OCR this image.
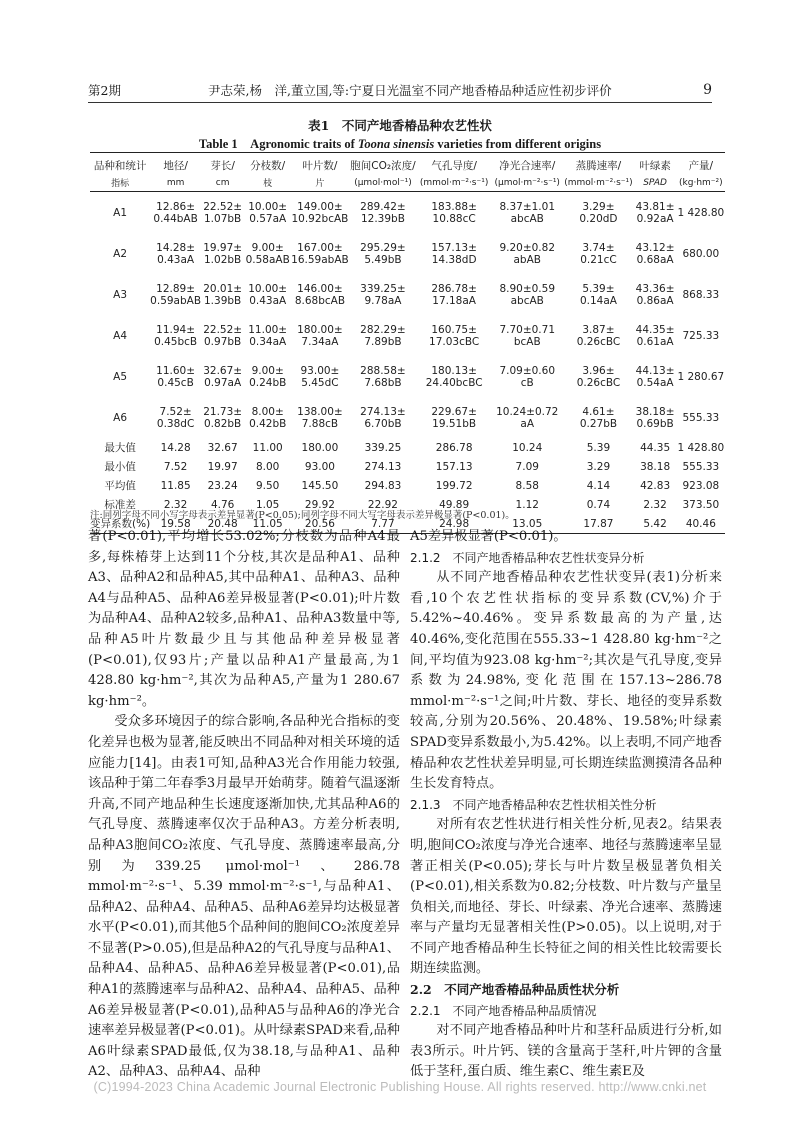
第2期	尹志荣,杨　洋,董立国,等:宁夏日光温室不同产地香椿品种适应性初步评价	9
表1　不同产地香椿品种农艺性状
Table 1　Agronomic traits of Toona sinensis varieties from different origins
品种和统计	地径/	芽长/	分枝数/	叶片数/	胞间CO₂浓度/	气孔导度/	净光合速率/	蒸腾速率/	叶绿素	产量/
指标	mm	cm	枝	片	(μmol·mol⁻¹)	(mmol·m⁻²·s⁻¹)	(μmol·m⁻²·s⁻¹)	(mmol·m⁻²·s⁻¹)	SPAD	(kg·hm⁻²)
A1	12.86±	22.52±	10.00±	149.00±	289.42±	183.88±	8.37±1.01	3.29±	43.81±	1 428.80
	0.44bAB	1.07bB	0.57aA	10.92bcAB	12.39bB	10.88cC	abcAB	0.20dD	0.92aA	
A2	14.28±	19.97±	9.00±	167.00±	295.29±	157.13±	9.20±0.82	3.74±	43.12±	680.00
	0.43aA	1.02bB	0.58aAB	16.59abAB	5.49bB	14.38dD	abAB	0.21cC	0.68aA	
A3	12.89±	20.01±	10.00±	146.00±	339.25±	286.78±	8.90±0.59	5.39±	43.36±	868.33
	0.59abAB	1.39bB	0.43aA	8.68bcAB	9.78aA	17.18aA	abcAB	0.14aA	0.86aA	
A4	11.94±	22.52±	11.00±	180.00±	282.29±	160.75±	7.70±0.71	3.87±	44.35±	725.33
	0.45bcB	0.97bB	0.34aA	7.34aA	7.89bB	17.03cBC	bcAB	0.26cBC	0.61aA	
A5	11.60±	32.67±	9.00±	93.00±	288.58±	180.13±	7.09±0.60	3.96±	44.13±	1 280.67
	0.45cB	0.97aA	0.24bB	5.45dC	7.68bB	24.40bcBC	cB	0.26cBC	0.54aA	
A6	7.52±	21.73±	8.00±	138.00±	274.13±	229.67±	10.24±0.72	4.61±	38.18±	555.33
	0.38dC	0.82bB	0.42bB	7.88cB	6.70bB	19.51bB	aA	0.27bB	0.69bB	
最大值	14.28	32.67	11.00	180.00	339.25	286.78	10.24	5.39	44.35	1 428.80
最小值	7.52	19.97	8.00	93.00	274.13	157.13	7.09	3.29	38.18	555.33
平均值	11.85	23.24	9.50	145.50	294.83	199.72	8.58	4.14	42.83	923.08
标准差	2.32	4.76	1.05	29.92	22.92	49.89	1.12	0.74	2.32	373.50
变异系数(%)	19.58	20.48	11.05	20.56	7.77	24.98	13.05	17.87	5.42	40.46
注:同列字母不同小写字母表示差异显著(P<0.05);同列字母不同大写字母表示差异极显著(P<0.01)。

著(P<0.01),平均增长53.02%;分枝数为品种A4最多,每株椿芽上达到11个分枝,其次是品种A1、品种A3、品种A2和品种A5,其中品种A1、品种A3、品种A4与品种A5、品种A6差异极显著(P<0.01);叶片数为品种A4、品种A2较多,品种A1、品种A3数量中等,品种A5叶片数最少且与其他品种差异极显著(P<0.01),仅93片;产量以品种A1产量最高,为1 428.80 kg·hm⁻²,其次为品种A5,产量为1 280.67 kg·hm⁻²。

受众多环境因子的综合影响,各品种光合指标的变化差异也极为显著,能反映出不同品种对相关环境的适应能力[14]。由表1可知,品种A3光合作用能力较强,该品种于第二年春季3月最早开始萌芽。随着气温逐渐升高,不同产地品种生长速度逐渐加快,尤其品种A6的气孔导度、蒸腾速率仅次于品种A3。方差分析表明,品种A3胞间CO₂浓度、气孔导度、蒸腾速率最高,分别为339.25 μmol·mol⁻¹、286.78 mmol·m⁻²·s⁻¹、5.39 mmol·m⁻²·s⁻¹,与品种A1、品种A2、品种A4、品种A5、品种A6差异均达极显著水平(P<0.01),而其他5个品种间的胞间CO₂浓度差异不显著(P>0.05),但是品种A2的气孔导度与品种A1、品种A4、品种A5、品种A6差异极显著(P<0.01),品种A1的蒸腾速率与品种A2、品种A4、品种A5、品种A6差异极显著(P<0.01),品种A5与品种A6的净光合速率差异极显著(P<0.01)。从叶绿素SPAD来看,品种A6叶绿素SPAD最低,仅为38.18,与品种A1、品种A2、品种A3、品种A4、品种

A5差异极显著(P<0.01)。

2.1.2　不同产地香椿品种农艺性状变异分析

从不同产地香椿品种农艺性状变异(表1)分析来看,10个农艺性状指标的变异系数(CV,%)介于5.42%~40.46%。变异系数最高的为产量,达40.46%,变化范围在555.33~1 428.80 kg·hm⁻²之间,平均值为923.08 kg·hm⁻²;其次是气孔导度,变异系数为24.98%,变化范围在157.13~286.78 mmol·m⁻²·s⁻¹之间;叶片数、芽长、地径的变异系数较高,分别为20.56%、20.48%、19.58%;叶绿素SPAD变异系数最小,为5.42%。以上表明,不同产地香椿品种农艺性状差异明显,可长期连续监测摸清各品种生长发育特点。

2.1.3　不同产地香椿品种农艺性状相关性分析

对所有农艺性状进行相关性分析,见表2。结果表明,胞间CO₂浓度与净光合速率、地径与蒸腾速率呈显著正相关(P<0.05);芽长与叶片数呈极显著负相关(P<0.01),相关系数为0.82;分枝数、叶片数与产量呈负相关,而地径、芽长、叶绿素、净光合速率、蒸腾速率与产量均无显著相关性(P>0.05)。以上说明,对于不同产地香椿品种生长特征之间的相关性比较需要长期连续监测。

2.2　不同产地香椿品种品质性状分析
2.2.1　不同产地香椿品种品质情况

对不同产地香椿品种叶片和茎秆品质进行分析,如表3所示。叶片钙、镁的含量高于茎秆,叶片钾的含量低于茎秆,蛋白质、维生素C、维生素E及

(C)1994-2023 China Academic Journal Electronic Publishing House. All rights reserved. http://www.cnki.net
